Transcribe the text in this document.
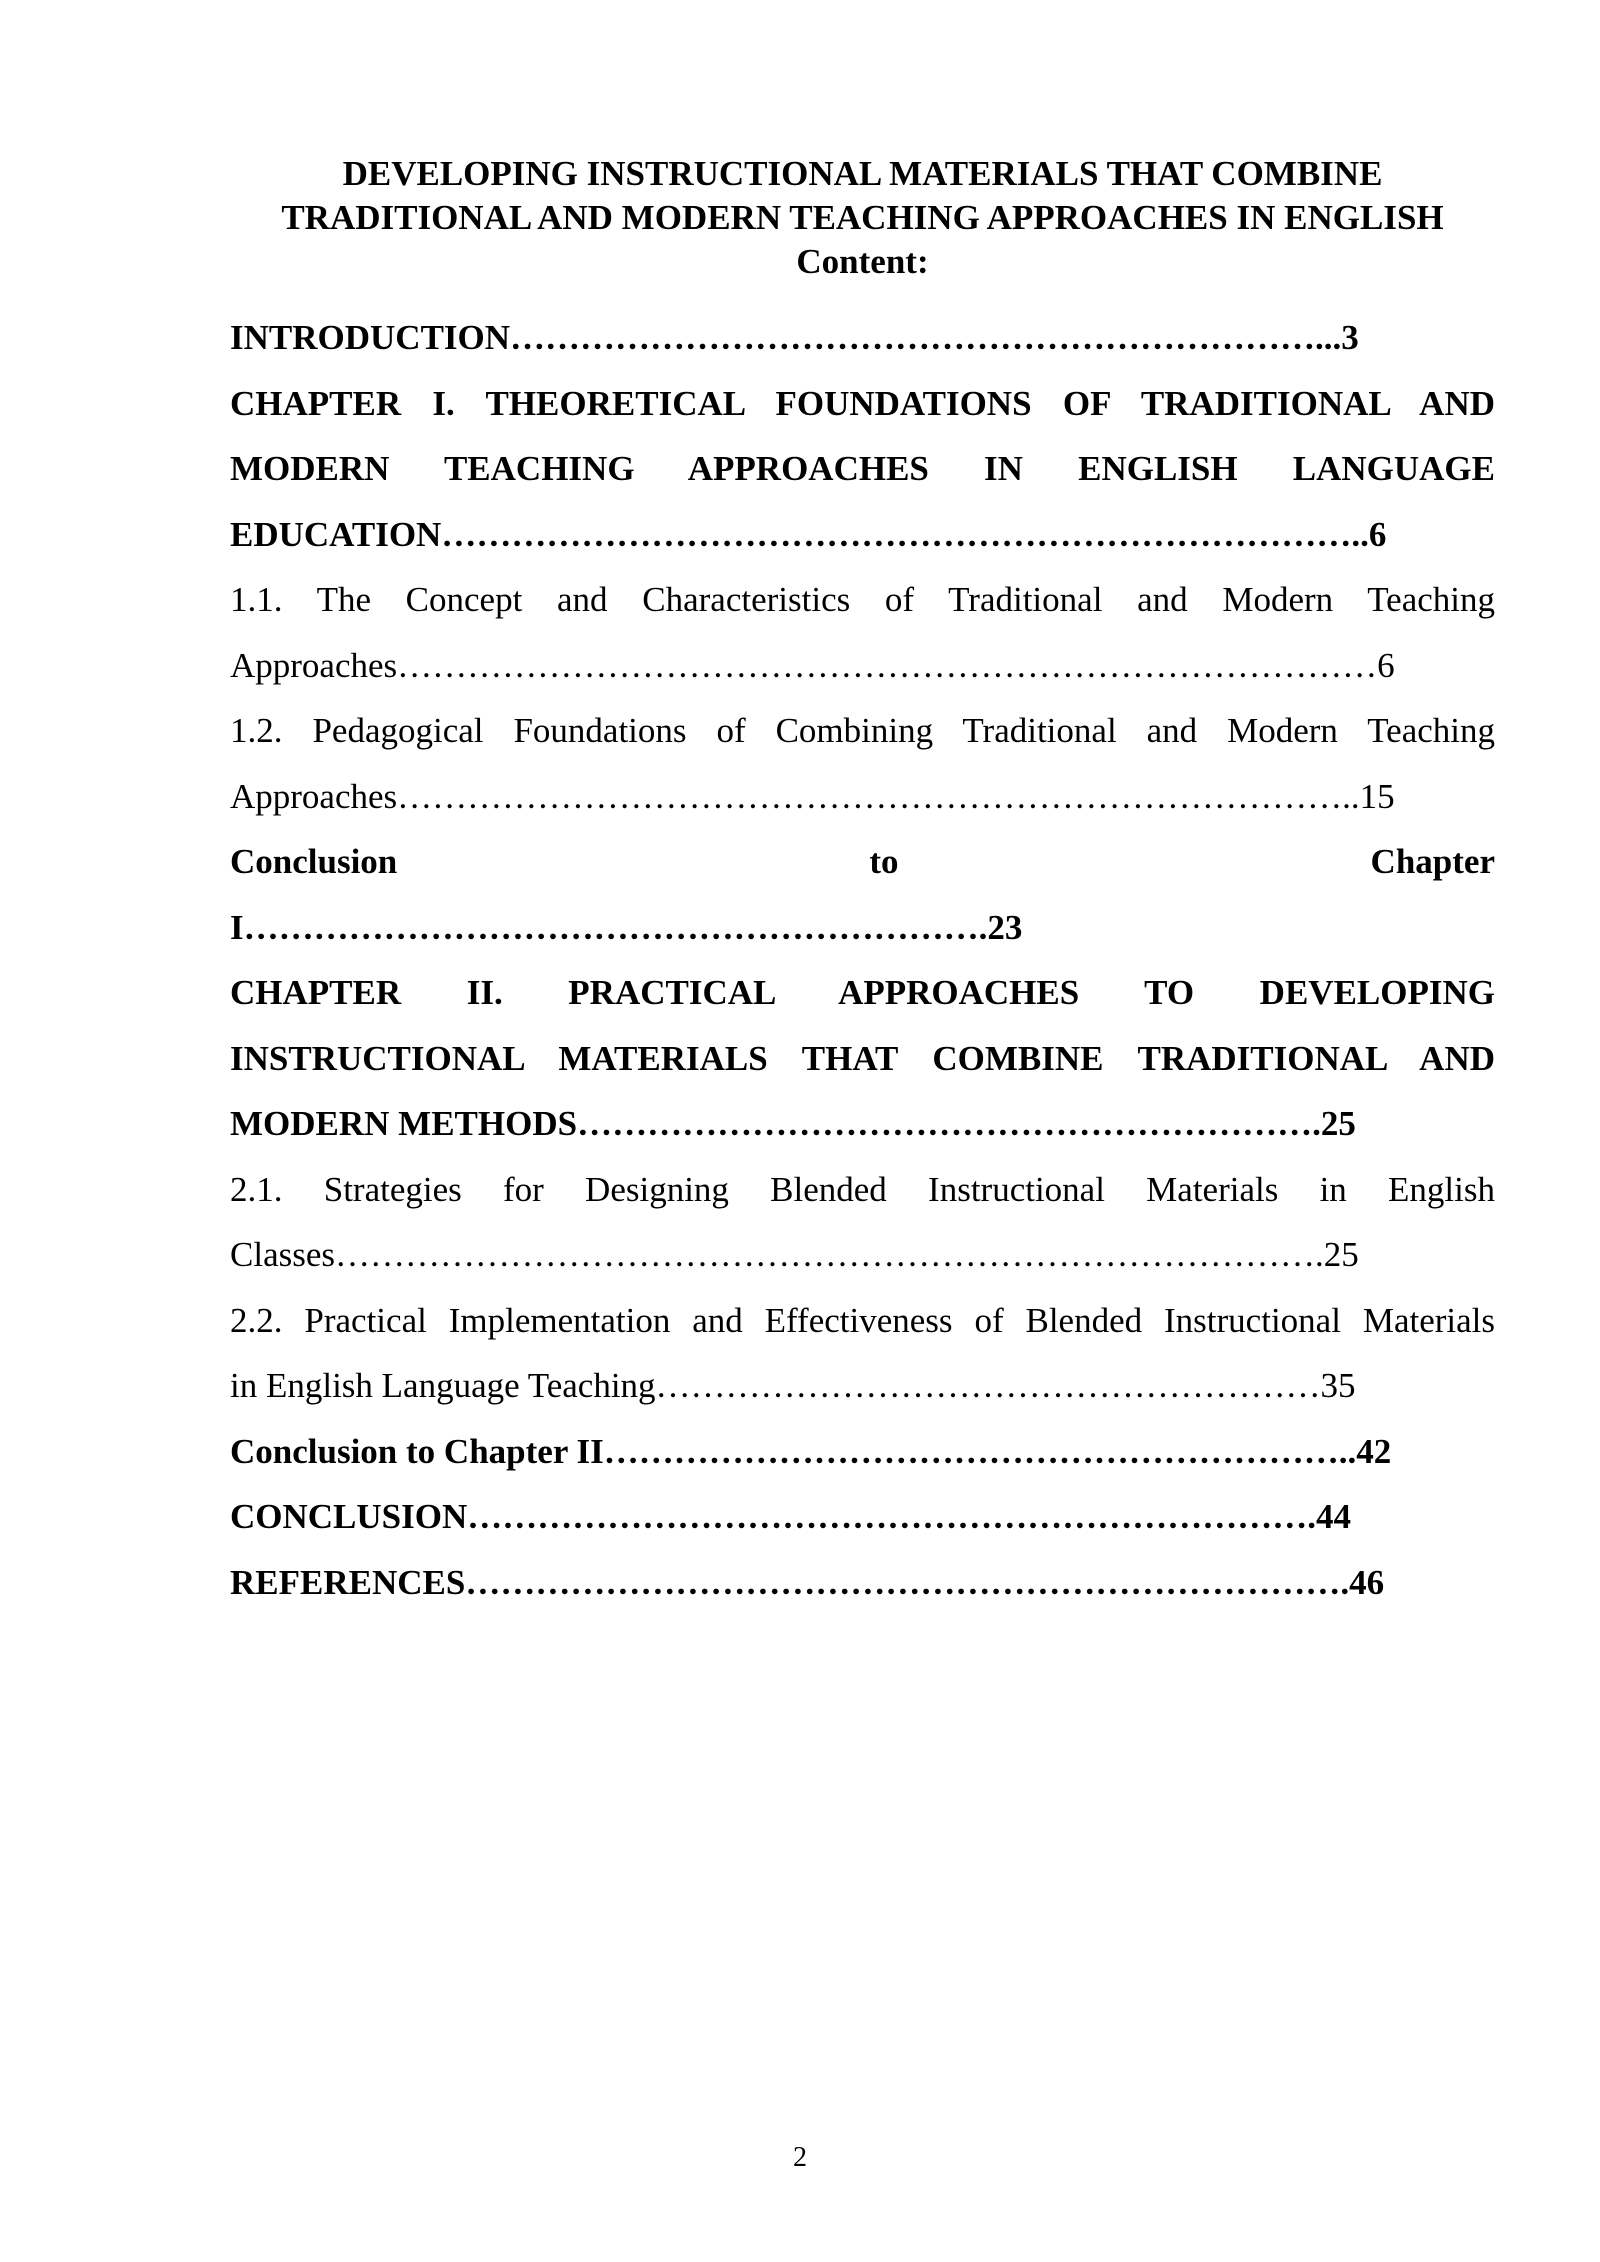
DEVELOPING INSTRUCTIONAL MATERIALS THAT COMBINE
TRADITIONAL AND MODERN TEACHING APPROACHES IN ENGLISH
Content:
INTRODUCTION……………………………………………………………...3
CHAPTER I. THEORETICAL FOUNDATIONS OF TRADITIONAL AND
MODERN TEACHING APPROACHES IN ENGLISH LANGUAGE
EDUCATION……………………………………………………………………..6
1.1. The Concept and Characteristics of Traditional and Modern Teaching
Approaches…………………………………………………………………………6
1.2. Pedagogical Foundations of Combining Traditional and Modern Teaching
Approaches………………………………………………………………………..15
Conclusion to Chapter
I……………………………………………………….23
CHAPTER II. PRACTICAL APPROACHES TO DEVELOPING
INSTRUCTIONAL MATERIALS THAT COMBINE TRADITIONAL AND
MODERN METHODS……………………………………………………….25
2.1. Strategies for Designing Blended Instructional Materials in English
Classes………………………………………………………………………….25
2.2. Practical Implementation and Effectiveness of Blended Instructional Materials
in English Language Teaching…………………………………………………35
Conclusion to Chapter II………………………………………………………..42
CONCLUSION……………………………………………………………….44
REFERENCES………………………………………………………………….46
2
